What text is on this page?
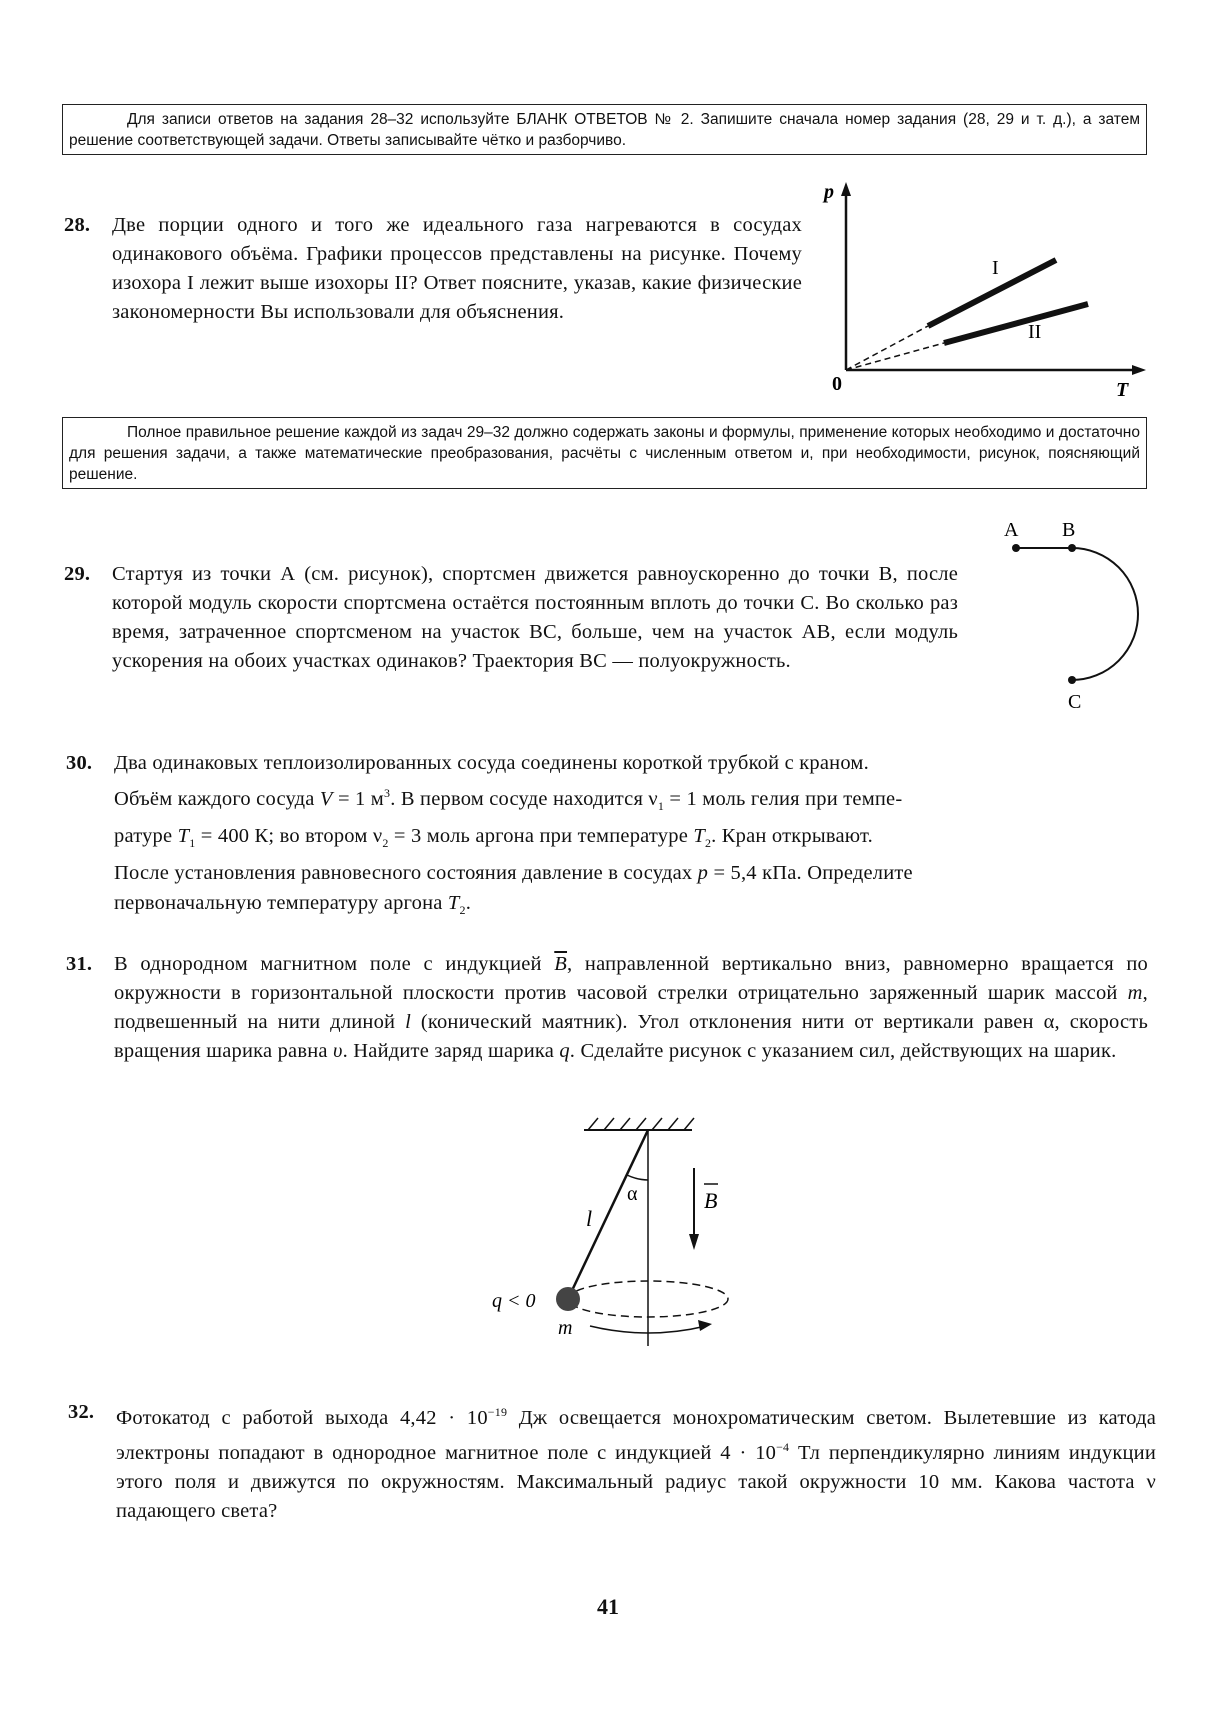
Для записи ответов на задания 28–32 используйте БЛАНК ОТВЕТОВ № 2. Запишите сначала номер задания (28, 29 и т. д.), а затем решение соответствующей задачи. Ответы записывайте чётко и разборчиво.
28. Две порции одного и того же идеального газа нагреваются в сосудах одинакового объёма. Графики процессов представлены на рисунке. Почему изохора I лежит выше изохоры II? Ответ поясните, указав, какие физические закономерности Вы использовали для объяснения.
p
T
0
I
II
Полное правильное решение каждой из задач 29–32 должно содержать законы и формулы, применение которых необходимо и достаточно для решения задачи, а также математические преобразования, расчёты с численным ответом и, при необходимости, рисунок, поясняющий решение.
29. Стартуя из точки А (см. рисунок), спортсмен движется равноускоренно до точки В, после которой модуль скорости спортсмена остаётся постоянным вплоть до точки С. Во сколько раз время, затраченное спортсменом на участок ВС, больше, чем на участок АВ, если модуль ускорения на обоих участках одинаков? Траектория ВС — полуокружность.
A B
C
30. Два одинаковых теплоизолированных сосуда соединены короткой трубкой с краном.
Объём каждого сосуда V = 1 $м^3$. В первом сосуде находится $\nu_1 = 1$ моль гелия при темпе-
ратуре $T_1 = 400$ К; во втором $\nu_2 = 3$ моль аргона при температуре $T_2$. Кран открывают.
После установления равновесного состояния давление в сосудах p = 5,4 кПа. Определите
первоначальную температуру аргона $T_2$.
31. В однородном магнитном поле с индукцией $\overline{B}$, направленной вертикально вниз, равномерно вращается по окружности в горизонтальной плоскости против часовой стрелки отрицательно заряженный шарик массой m, подвешенный на нити длиной l (конический маятник). Угол отклонения нити от вертикали равен α, скорость вращения шарика равна υ. Найдите заряд шарика q. Сделайте рисунок с указанием сил, действующих на шарик.
α
l
B
q < 0
m
32. Фотокатод с работой выхода $4,42 \cdot 10^{-19}$ Дж освещается монохроматическим светом. Вылетевшие из катода электроны попадают в однородное магнитное поле с индукцией $4 \cdot 10^{-4}$ Тл перпендикулярно линиям индукции этого поля и движутся по окружностям. Максимальный радиус такой окружности 10 мм. Какова частота ν падающего света?
41
